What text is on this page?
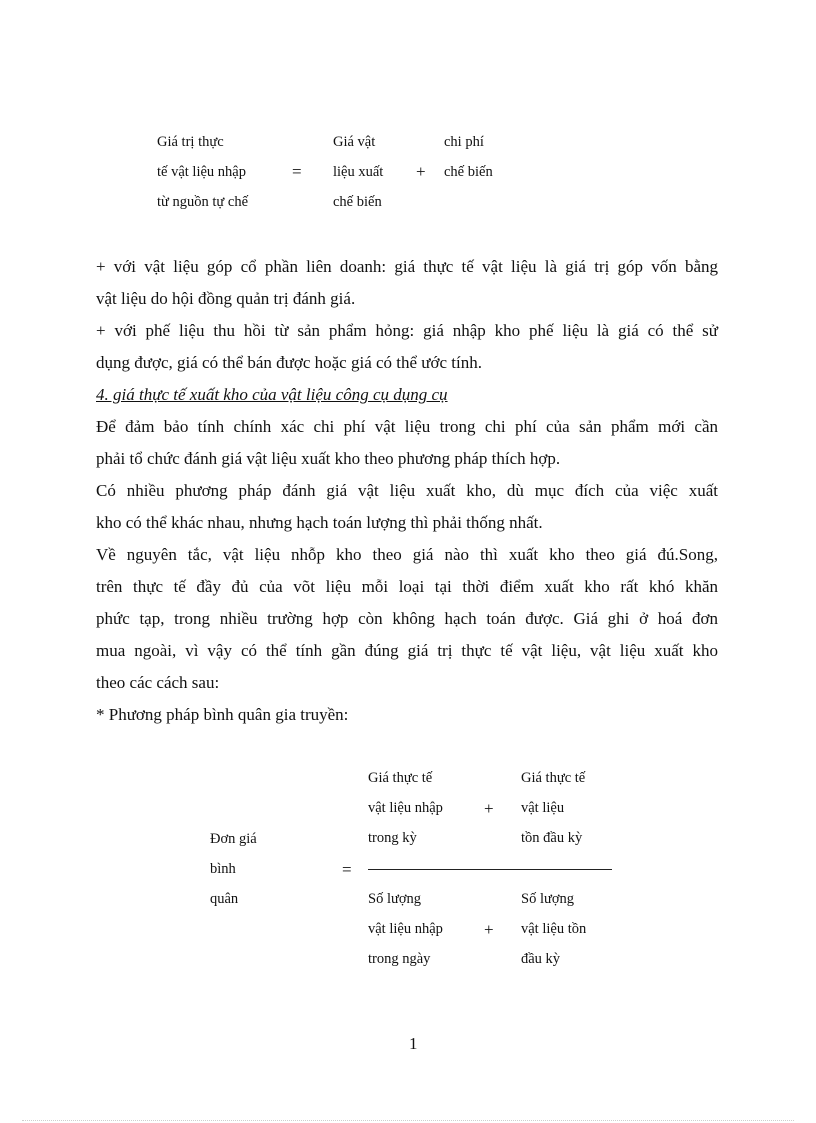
Giá trị thực
tế vật liệu nhập
từ nguồn tự chế
=
Giá vật
liệu xuất
chế biến
+
chi phí
chế biến
+ với vật liệu góp cổ phần liên doanh: giá thực tế vật liệu là giá trị góp vốn bằng
vật liệu do hội đồng quản trị đánh giá.
+ với phế liệu thu hồi từ sản phẩm hỏng: giá nhập kho phế liệu là giá có thể sử
dụng được, giá có thể bán được hoặc giá có thể ước tính.
4. giá thực tế xuất kho của vật liệu công cụ dụng cụ
Để đảm bảo tính chính xác chi phí vật liệu trong chi phí của sản phẩm mới cần
phải tổ chức đánh giá vật liệu xuất kho theo phương pháp thích hợp.
Có nhiều phương pháp đánh giá vật liệu xuất kho, dù mục đích của việc xuất
kho có thể khác nhau, nhưng hạch toán lượng thì phải thống nhất.
Về nguyên tắc, vật liệu nhỗp kho theo giá nào thì xuất kho theo giá đú.Song,
trên thực tế đầy đủ của võt liệu mỗi loại tại thời điểm xuất kho rất khó khăn
phức tạp, trong nhiều trường hợp còn không hạch toán được. Giá ghi ở hoá đơn
mua ngoài, vì vậy có thể tính gần đúng giá trị thực tế vật liệu, vật liệu xuất kho
theo các cách sau:
* Phương pháp bình quân gia truyền:
Đơn giá
bình
quân
=
Giá thực tế
vật liệu nhập
trong kỳ
+
Giá thực tế
vật liệu
tồn đầu kỳ
Số lượng
vật liệu nhập
trong ngày
+
Số lượng
vật liệu tồn
đầu kỳ
1
